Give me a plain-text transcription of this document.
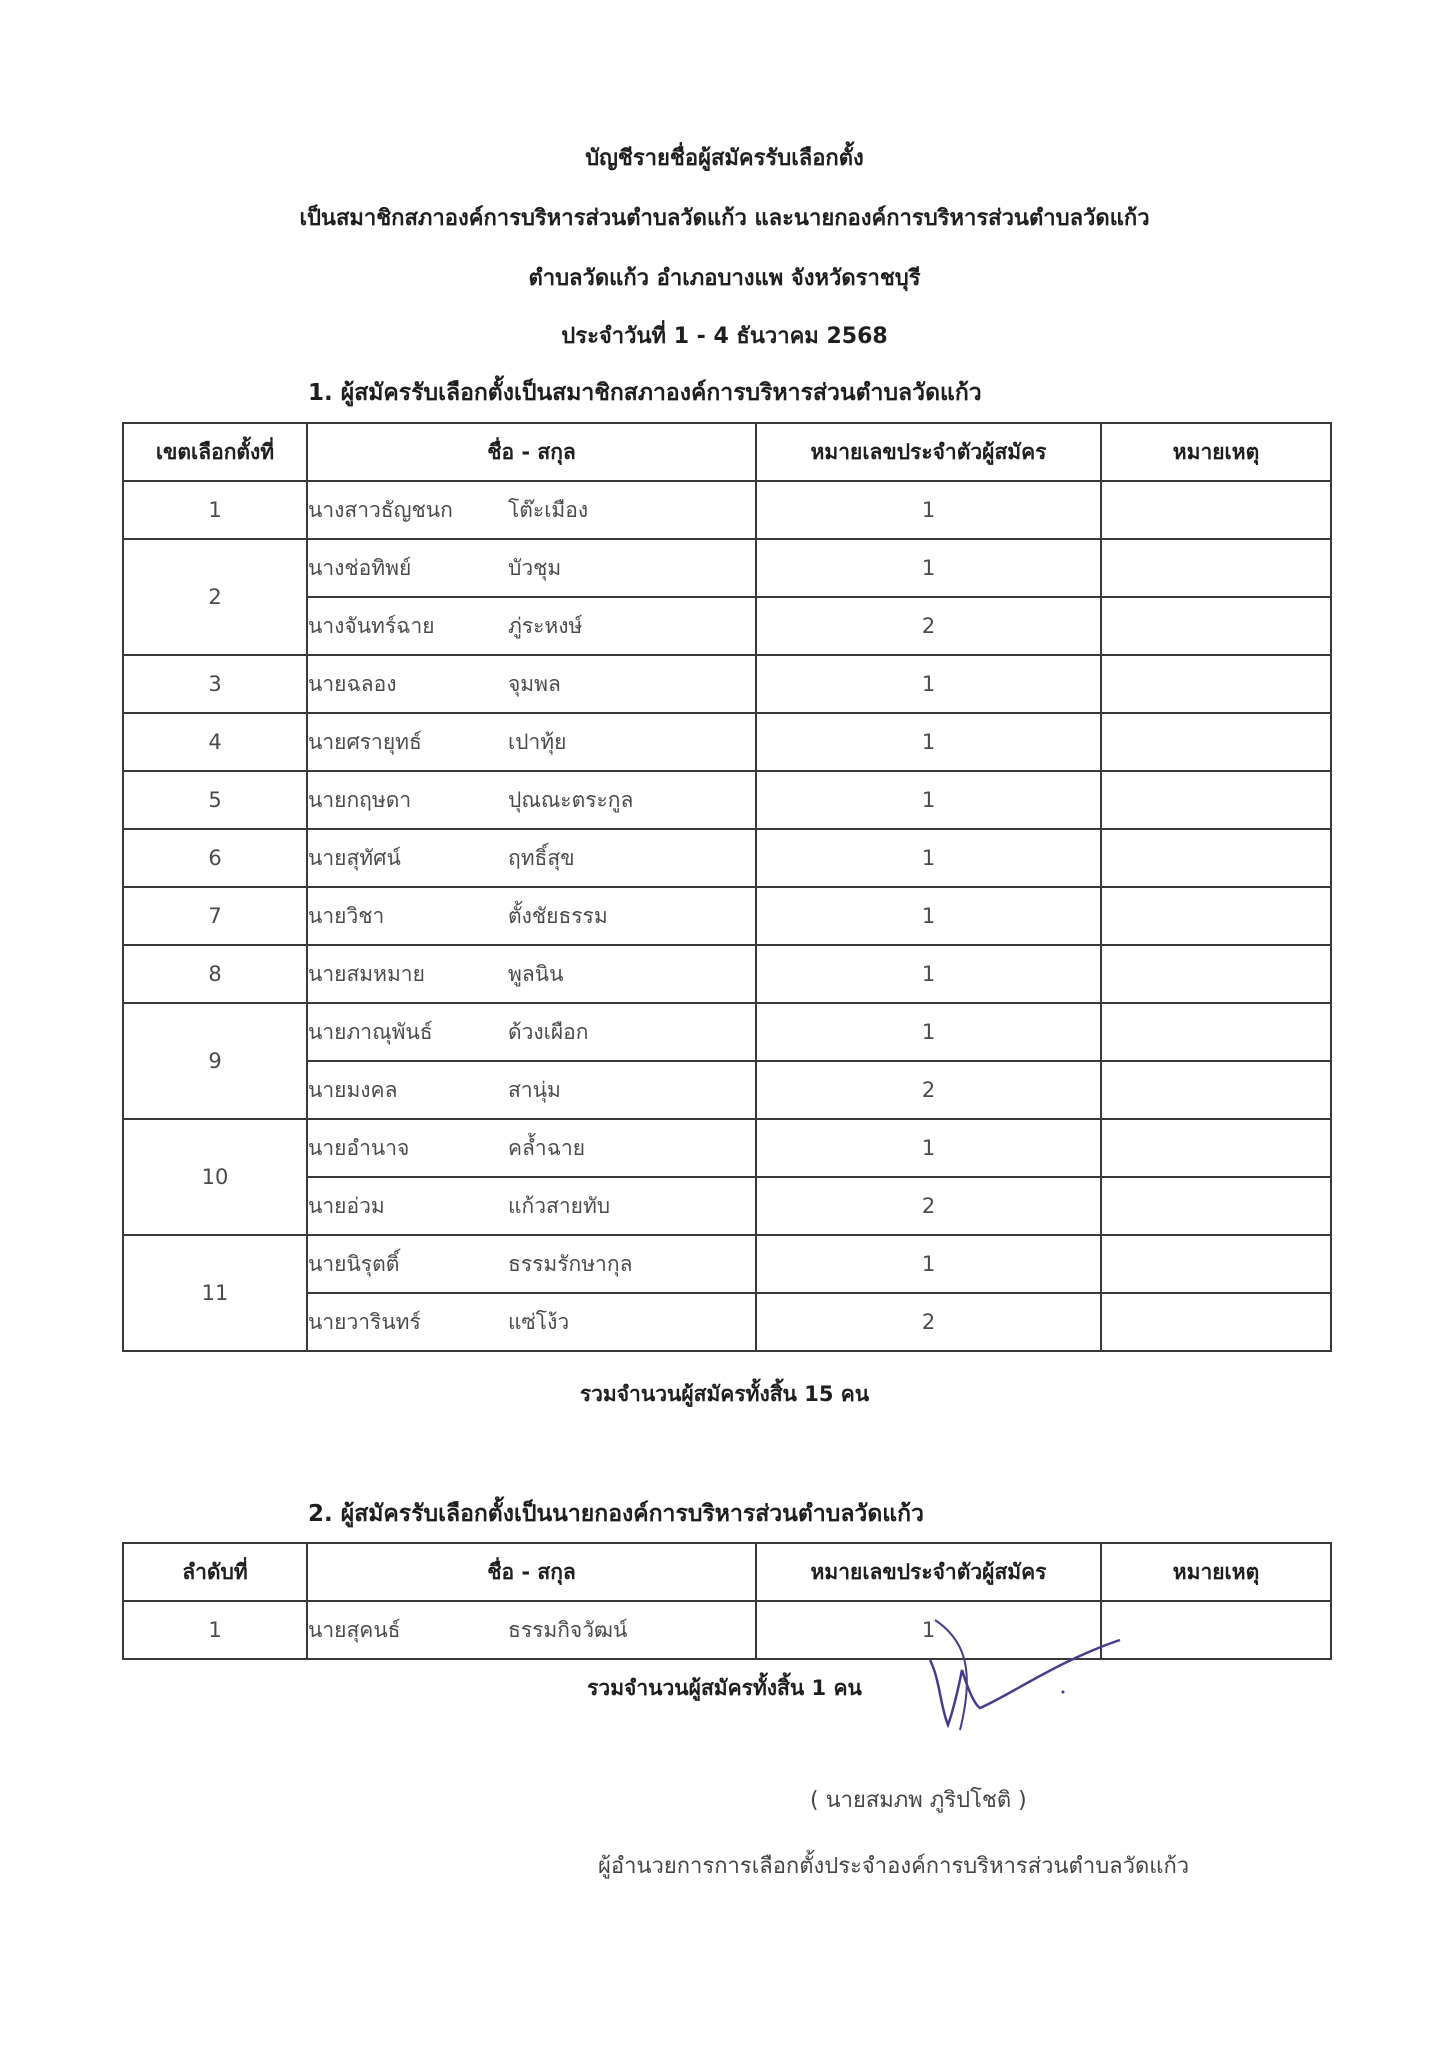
บัญชีรายชื่อผู้สมัครรับเลือกตั้ง
เป็นสมาชิกสภาองค์การบริหารส่วนตำบลวัดแก้ว และนายกองค์การบริหารส่วนตำบลวัดแก้ว
ตำบลวัดแก้ว อำเภอบางแพ จังหวัดราชบุรี
ประจำวันที่ 1 - 4 ธันวาคม 2568
1. ผู้สมัครรับเลือกตั้งเป็นสมาชิกสภาองค์การบริหารส่วนตำบลวัดแก้ว
เขตเลือกตั้งที่	ชื่อ - สกุล	หมายเลขประจำตัวผู้สมัคร	หมายเหตุ
1	นางสาวธัญชนก โต๊ะเมือง	1	
2	นางช่อทิพย์ บัวชุม	1	
	นางจันทร์ฉาย ภู่ระหงษ์	2	
3	นายฉลอง จุมพล	1	
4	นายศรายุทธ์ เปาทุ้ย	1	
5	นายกฤษดา ปุณณะตระกูล	1	
6	นายสุทัศน์ ฤทธิ์สุข	1	
7	นายวิชา ตั้งชัยธรรม	1	
8	นายสมหมาย พูลนิน	1	
9	นายภาณุพันธ์ ด้วงเผือก	1	
	นายมงคล สานุ่ม	2	
10	นายอำนาจ คล้ำฉาย	1	
	นายอ่วม แก้วสายทับ	2	
11	นายนิรุตติ์ ธรรมรักษากุล	1	
	นายวารินทร์ แซ่โง้ว	2	
รวมจำนวนผู้สมัครทั้งสิ้น 15 คน
2. ผู้สมัครรับเลือกตั้งเป็นนายกองค์การบริหารส่วนตำบลวัดแก้ว
ลำดับที่	ชื่อ - สกุล	หมายเลขประจำตัวผู้สมัคร	หมายเหตุ
1	นายสุคนธ์ ธรรมกิจวัฒน์	1	
รวมจำนวนผู้สมัครทั้งสิ้น 1 คน
( นายสมภพ ภูริปโชติ )
ผู้อำนวยการการเลือกตั้งประจำองค์การบริหารส่วนตำบลวัดแก้ว
